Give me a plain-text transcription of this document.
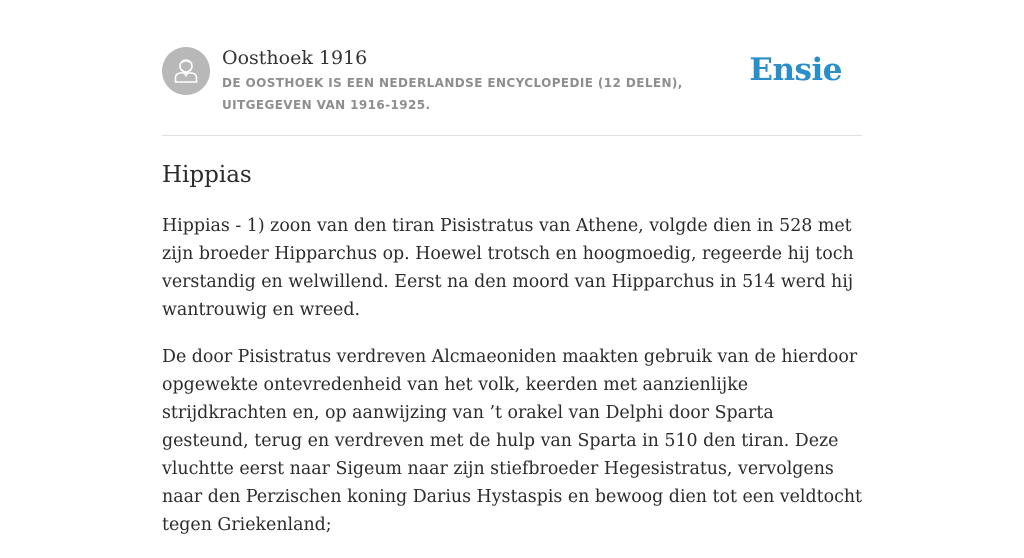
Oosthoek 1916
DE OOSTHOEK IS EEN NEDERLANDSE ENCYCLOPEDIE (12 DELEN), UITGEGEVEN VAN 1916-1925.
Ensie
Hippias

Hippias - 1) zoon van den tiran Pisistratus van Athene, volgde dien in 528 met zijn broeder Hipparchus op. Hoewel trotsch en hoogmoedig, regeerde hij toch verstandig en welwillend. Eerst na den moord van Hipparchus in 514 werd hij wantrouwig en wreed.

De door Pisistratus verdreven Alcmaeoniden maakten gebruik van de hierdoor opgewekte ontevredenheid van het volk, keerden met aanzienlijke strijdkrachten en, op aanwijzing van ’t orakel van Delphi door Sparta gesteund, terug en verdreven met de hulp van Sparta in 510 den tiran. Deze vluchtte eerst naar Sigeum naar zijn stiefbroeder Hegesistratus, vervolgens naar den Perzischen koning Darius Hystaspis en bewoog dien tot een veldtocht tegen Griekenland;
